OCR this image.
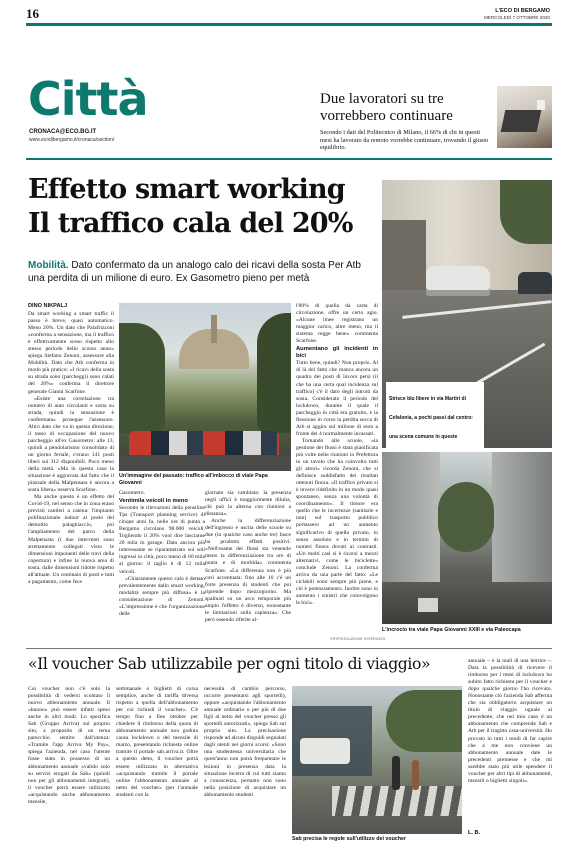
16	L'ECO DI BERGAMO
MERCOLEDÌ 7 OTTOBRE 2020
Città
CRONACA@ECO.BG.IT
www.ecodibergamo.it/cronaca/section/
Due lavoratori su tre
vorrebbero continuare
Secondo i dati del Politecnico di Milano, il 66% di chi in questi mesi ha lavorato da remoto vorrebbe continuare, trovando il giusto equilibrio.
Effetto smart working
Il traffico cala del 20%
Mobilità. Dato confermato da un analogo calo dei ricavi della sosta Per Atb una perdita di un milione di euro. Ex Gasometro pieno per metà
Strisce blu libere in via Martiri di Cefalonia, a pochi passi dal centro: una scena comune in queste
DINO NIKPALJ

Da smart working a smart traffic il passo è breve, quasi automatico. Meno 20%. Un dato che Palafrizzoni «conferma a sensazione, ma il traffico è effettivamente sceso rispetto allo stesso periodo dello scorso anno» spiega Stefano Zenoni, assessore alla Mobilità. Dato che Atb conferma in modo più pratico: «I ricavi della sosta su strada sono (parcheggi) sono calati del 20%» conferma il direttore generale Gianni Scarfone.

«Esiste una correlazione tra numero di auto circolanti e sosta su strada, quindi la sensazione è confermata» prosegue l'assessore. Altro dato che va in questa direzione, il tasso di occupazione del nuovo parcheggio all'ex Gasometro: alle 13, quindi a pendolarismo consolidato di un giorno feriale, c'erano 141 posti liberi sui 312 disponibili. Poco meno della metà. «Ma in questo caso la situazione è aggravata dal fatto che il piazzale della Malpensata è ancora a sosta libera» osserva Scarfone.

Ma anche questo è un effetto del Covid-19, nel senso che in zona erano previsti cantieri a catena: l'impianto polifunzionale indoor al posto del demolito palaghiaccio, poi l'ampliamento del parco della Malpensata (i due interventi sono strettamente collegati visto le dimensioni imponenti delle travi della copertura) e infine la nuova area di sosta, dalle dimensioni ridotte rispetto all'attuale. Un centinaio di posti e tutti a pagamento, come fece

Un'immagine del passato: traffico all'imbocco di viale Papa Giovanni

Gasometro.

Ventimila veicoli in meno

Secondo le rilevazioni della pensiline Tps (Transport planning service) di cinque anni fa, nelle ore di punta a Bergamo circolano 98.000 veicoli. Togliendo il 20% vuol dire lasciarne 20 mila in garage. Dato ancora più interessante se riparametrato sui soli ingressi in città, poco meno di 60 mila al giorno: il taglio è di 12 mila veicoli.

«Chiaramente questo calo è dettato prevalentemente dallo smart working, modalità sempre più diffusa» è la considerazione di Zenoni. «L'impressione è che l'organizzazione delle

giornate sia cambiata: la presenza negli uffici è maggiormente diluita, chi può la alterna con riunioni a distanza».

Anche la differenziazione dell'ingresso e uscita delle scuole su due (in qualche caso anche tre) fasce ha prodotto effetti positivi: «Nell'esame dei flussi sta venendo meno la differenziazione tra ore di punta e di morbida» commenta Scarfone. «La differenza non è più così accentuata: fino alle 10 c'è un forte presenza di studenti che poi riprende dopo mezzogiorno. Ma spalmati su un arco temporale più ampio l'effetto è diverso, nonostante le limitazioni sulla capienza». Che però essendo riferite al-

l'80% di quella da carta di circolazione, offre un certo agio. «Alcune linee registrano un maggior carico, altre meno, ma il sistema regge bene» commenta Scarfone.

Aumentano gli incidenti in bici

Tutto bene, quindi? Non proprio. Al di là del fatto che manca ancora un quadro dei posti di lavoro persi (il che ha una certa qual incidenza sul traffico) c'è il dato degli introiti da sosta. Considerato il periodo del lockdown, durante il quale il parcheggio in città era gratuito, e la flessione in corso la perdita secca di Atb si aggira sul milione di euro a fronte dei 4 normalmente incassati.

Tornando alle scuole, «la gestione dei flussi è stata pianificata più volte nelle riunioni in Prefettura in un tavolo che ha coinvolto tutti gli attori» ricorda Zenoni, che si definisce soddisfatto dei risultati ottenuti finora. «Il traffico privato si è invece ridefinito in un modo quasi spontaneo, senza una volontà di coordinamento». Il timore era quello che le incertezze (sanitarie e non) sul trasporto pubblico portassero ad un aumento significativo di quello privato, in senso assoluto e in termini di numeri finora dovuti ai contrasti. «Un molti casi si è ricorsi a mezzi alternativi, come le biciclette» conclude Zenoni. La conferma arriva da una parte del fatto: «Le ciclabili sono sempre più piene, e ciò è potenziamento. Inoltre sono in aumento i sinistri che coinvolgono le bici».

©RIPRODUZIONE RISERVATA
L'incrocio tra viale Papa Giovanni XXIII e via Paleocapa
«Il voucher Sab utilizzabile per ogni titolo di viaggio»

Coi voucher non c'è solo la possibilità di vedersi scontato il nuovo abbonamento annuale. Il «buono» può essere infatti speso anche in altri modi. Lo specifica Sab (Gruppo Arriva) sul proprio sito, a proposito di un tema parecchio sentito dall'utenza: «Tramite l'app Arriva My Pay», spiega l'azienda, nel caso l'utente fosse stato in possesso di un abbonamento annuale «valido solo su servizi erogati da Sab» (quindi non per gli abbonamenti integrati), il voucher potrà essere utilizzato «acquistando anche abbonamento mensile,

settimanale o biglietti di corsa semplice, anche di tariffa diversa rispetto a quella dell'abbonamento per cui richiedi il voucher». C'è tempo fino a fine ottobre per chiedere il rimborso della quota di abbonamento annuale non goduta causa lockdown o del mensile di marzo, presentando richiesta online tramite il portale sab.arriva.it. Oltre a questo detto, il voucher potrà essere utilizzato in alternativa «acquistando tramite il portale online l'abbonamento annuale al netto del voucher» (per l'annuale studenti con la

necessità di cambio percorso, occorre presentarsi agli sportelli), oppure «acquistando l'abbonamento annuale ordinario o per più di due figli al netto del voucher presso gli sportelli autorizzati», spiega Sab sul proprio sito. La precisazione risponde ad alcuni disguidi segnalati dagli utenti nei giorni scorsi: «Sono una studentessa universitaria che quest'anno non potrà frequentare le lezioni in presenza data la situazione incerta di cui tutti siamo a conoscenza, pertanto non sono nella posizione di acquistare un abbonamento studenti

Sab precisa le regole sull'utilizzo dei voucher

annuale – è la mail di una lettrice –. Data la possibilità di ricevere il rimborso per i mesi di lockdown ho subito fatto richiesta per il voucher e dopo qualche giorno l'ho ricevuto. Nonostante ciò l'azienda Sab afferma che sia obbligatorio acquistare un titolo di viaggio uguale al precedente, che nel mio caso è un abbonamento che comprende Sab e Atb per il tragitto casa-università. Ho provato in tutti i modi di far capire che a me non conviene un abbonamento annuale date le precedenti premesse e che mi sarebbe stato più utile spendere il voucher per altri tipi di abbonamenti, mensili o biglietti singoli».

L. B.
